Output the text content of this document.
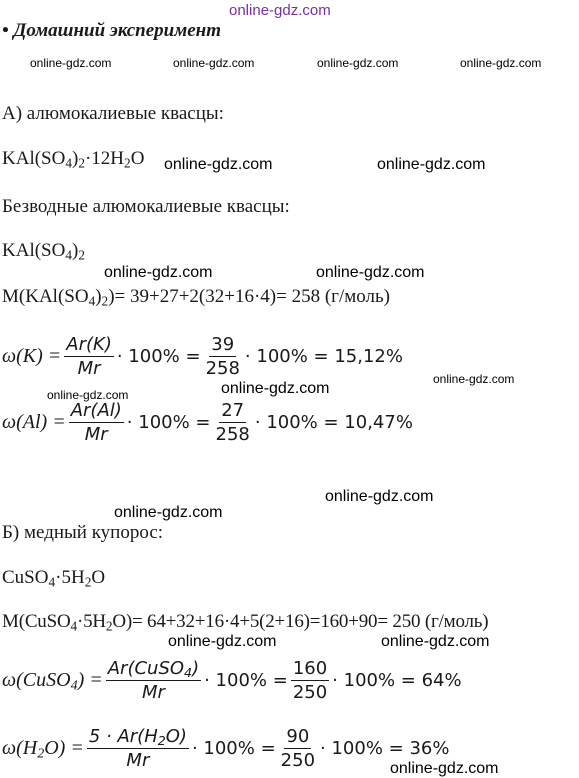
online-gdz.com
• Домашний эксперимент
online-gdz.com	online-gdz.com	online-gdz.com	online-gdz.com
А) алюмокалиевые квасцы:
$KAl(SO_4)_2\cdot 12H_2O$ online-gdz.com	online-gdz.com
Безводные алюмокалиевые квасцы:
$KAl(SO_4)_2$
online-gdz.com	online-gdz.com
$M(KAl(SO_4)_2)= 39+27+2(32+16\cdot 4)= 258$ (г/моль)
$\omega(K) = \frac{Ar(K)}{Mr} \cdot 100\% = \frac{39}{258} \cdot 100\% = 15,12\%$
online-gdz.com	online-gdz.com
online-gdz.com
$\omega(Al) = \frac{Ar(Al)}{Mr} \cdot 100\% = \frac{27}{258} \cdot 100\% = 10,47\%$
online-gdz.com
online-gdz.com
Б) медный купорос:
$CuSO_4\cdot 5H_2O$
$M(CuSO_4\cdot 5H_2O)= 64+32+16\cdot 4+5(2+16)=160+90= 250$ (г/моль)
online-gdz.com	online-gdz.com
ω(CuSO$_4$) = $\frac{Ar(CuSO_4)}{Mr} \cdot 100\% = \frac{160}{250} \cdot 100\% = 64\%$
$\omega(H_2O) = \frac{5 \cdot Ar(H_2O)}{Mr} \cdot 100\% = \frac{90}{250} \cdot 100\% = 36\%$
online-gdz.com
